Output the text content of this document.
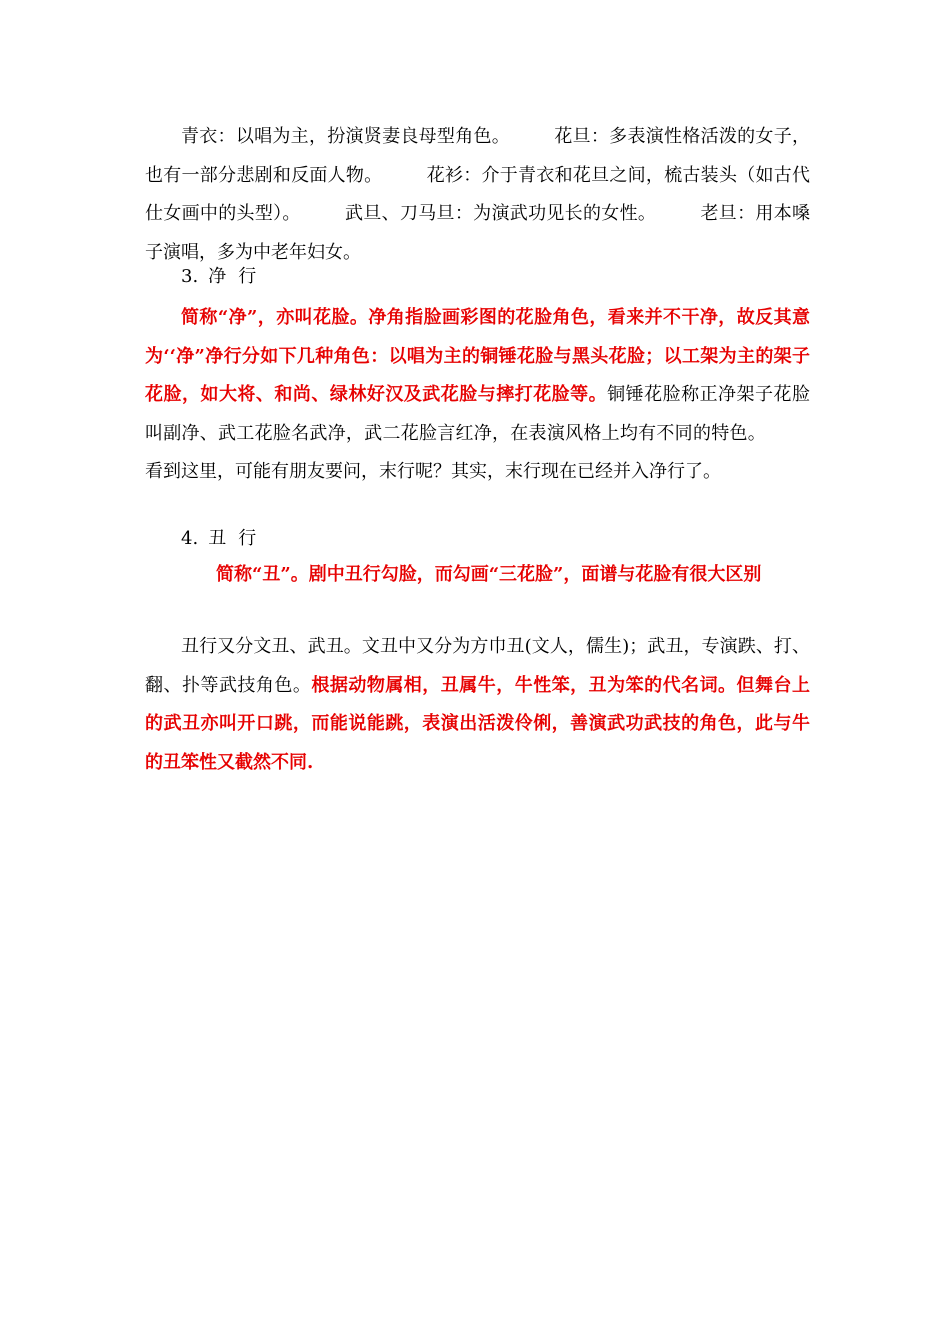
青衣：以唱为主，扮演贤妻良母型角色。 花旦：多表演性格活泼的女子，也有一部分悲剧和反面人物。 花衫：介于青衣和花旦之间，梳古装头（如古代仕女画中的头型）。 武旦、刀马旦：为演武功见长的女性。 老旦：用本嗓子演唱，多为中老年妇女。

3. 净 行

简称“净”，亦叫花脸。净角指脸画彩图的花脸角色，看来并不干净，故反其意为‘‘净”净行分如下几种角色：以唱为主的铜锤花脸与黑头花脸；以工架为主的架子花脸，如大将、和尚、绿林好汉及武花脸与摔打花脸等。铜锤花脸称正净架子花脸叫副净、武工花脸名武净，武二花脸言红净，在表演风格上均有不同的特色。看到这里，可能有朋友要问，末行呢？其实，末行现在已经并入净行了。

4. 丑 行

简称“丑”。剧中丑行勾脸，而勾画“三花脸”，面谱与花脸有很大区别

丑行又分文丑、武丑。文丑中又分为方巾丑(文人，儒生)；武丑，专演跌、打、翻、扑等武技角色。根据动物属相，丑属牛，牛性笨，丑为笨的代名词。但舞台上的武丑亦叫开口跳，而能说能跳，表演出活泼伶俐，善演武功武技的角色，此与牛的丑笨性又截然不同.
